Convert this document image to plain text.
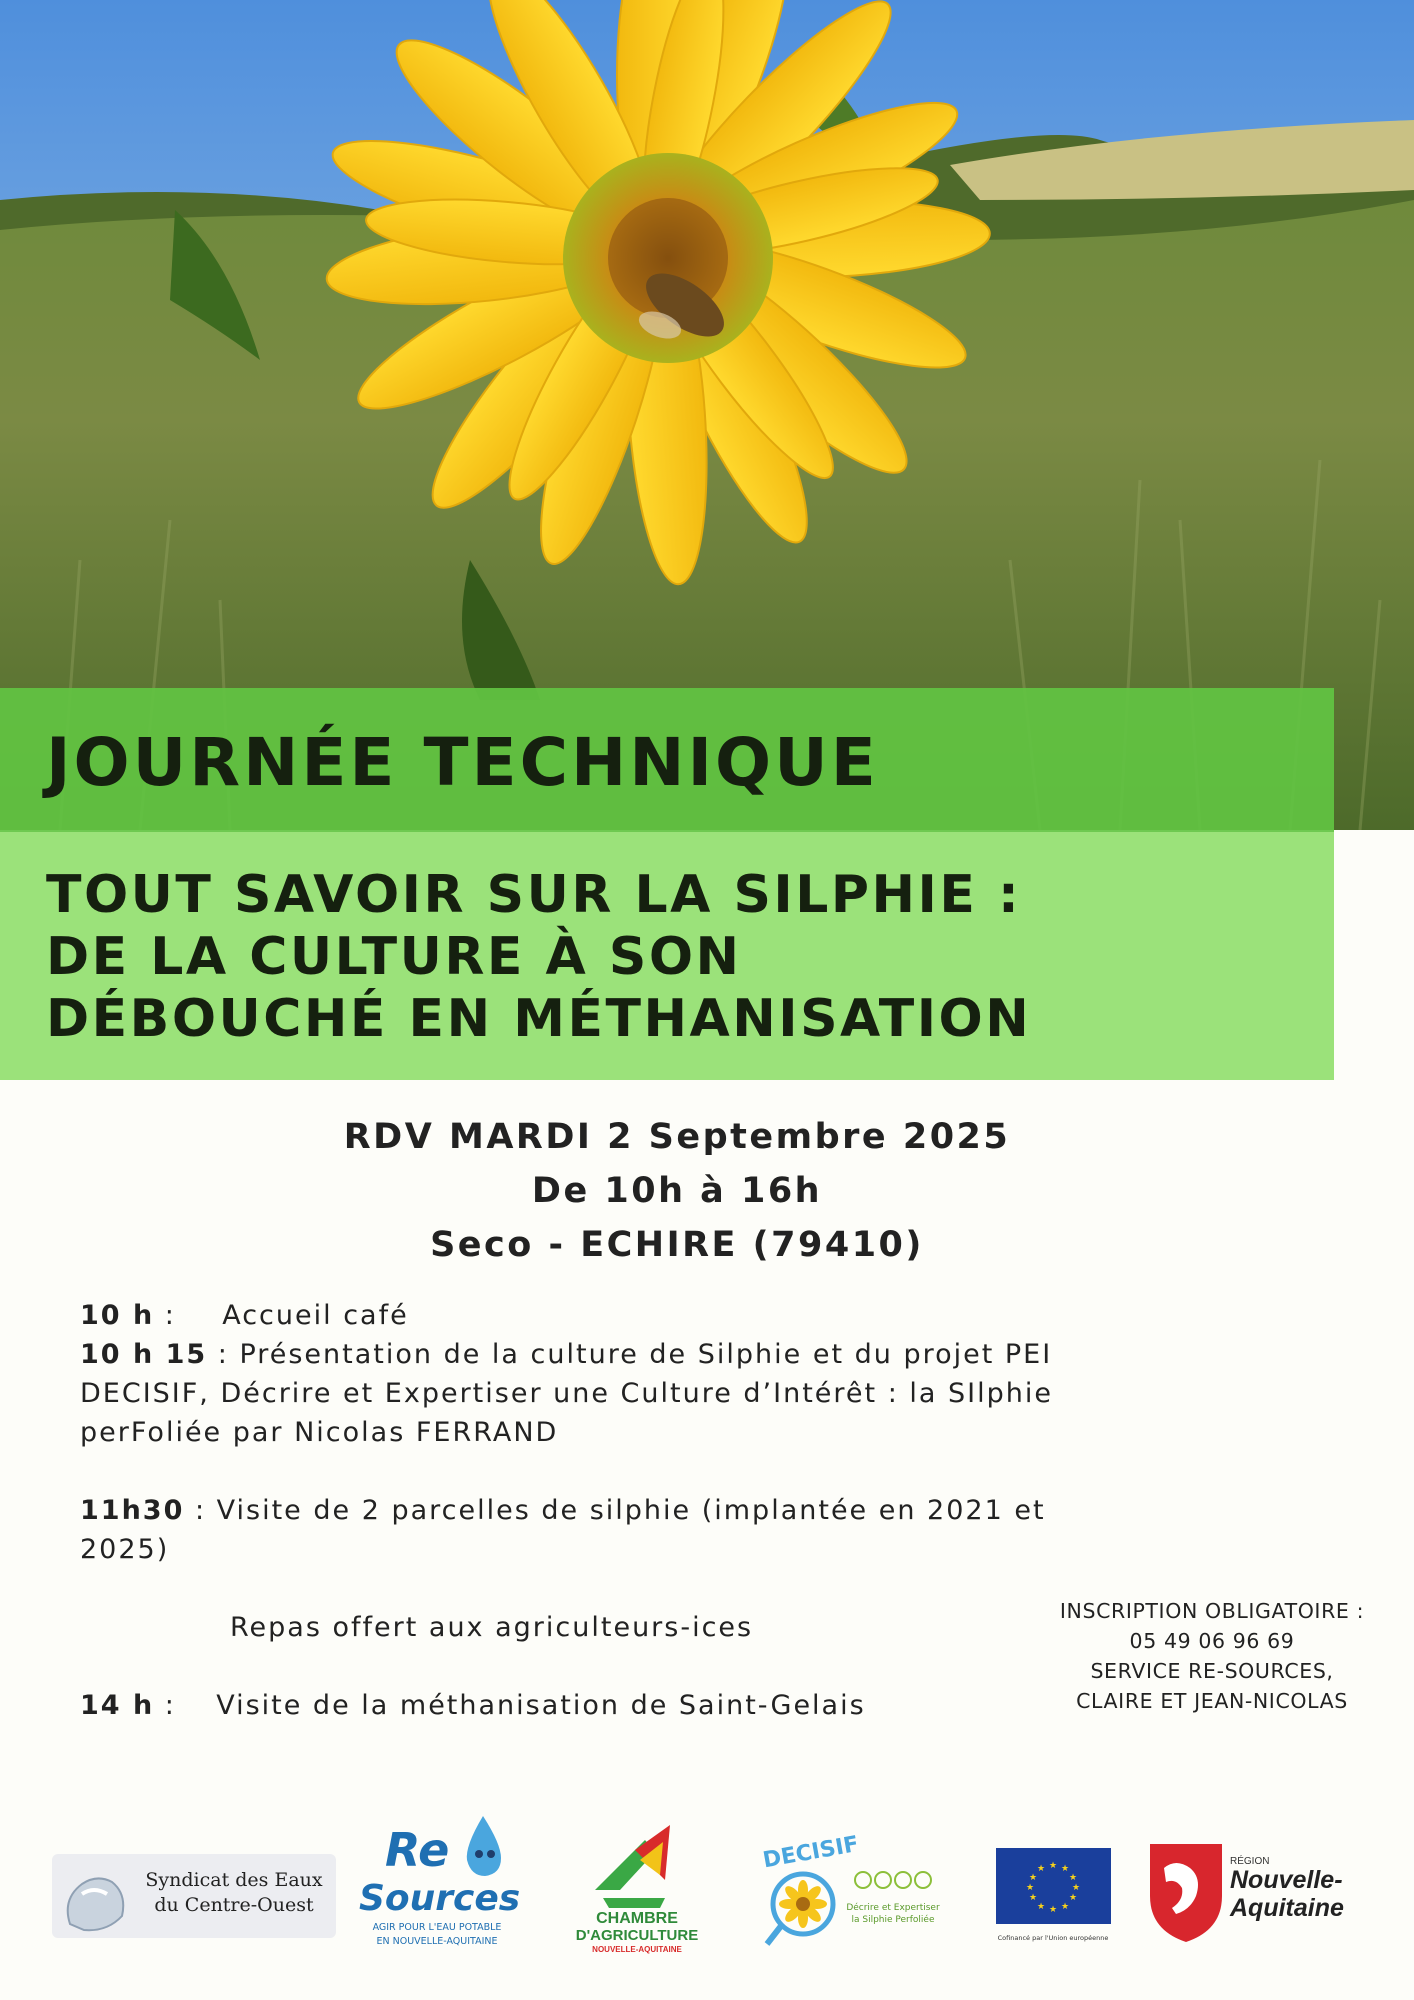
JOURNÉE TECHNIQUE
TOUT SAVOIR SUR LA SILPHIE :
DE LA CULTURE À SON
DÉBOUCHÉ EN MÉTHANISATION
RDV MARDI 2 Septembre 2025
De 10h à 16h
Seco - ECHIRE (79410)

10 h : Accueil café

10 h 15 : Présentation de la culture de Silphie et du projet PEI DECISIF, Décrire et Expertiser une Culture d’Intérêt : la SIlphie perFoliée par Nicolas FERRAND

11h30 : Visite de 2 parcelles de silphie (implantée en 2021 et 2025)

Repas offert aux agriculteurs-ices

14 h : Visite de la méthanisation de Saint-Gelais

INSCRIPTION OBLIGATOIRE :
05 49 06 96 69
SERVICE RE-SOURCES,
CLAIRE ET JEAN-NICOLAS
Syndicat des Eaux
du Centre-Ouest
Re
Sources
AGIR POUR L'EAU POTABLE
EN NOUVELLE-AQUITAINE
CHAMBRE
D'AGRICULTURE
NOUVELLE-AQUITAINE
DECISIF
Décrire et Expertiser
la Silphie Perfoliée
★ ★
★
★
★
★
★
★
★
★
★
★
Cofinancé par l'Union européenne
RÉGION
Nouvelle-
Aquitaine
